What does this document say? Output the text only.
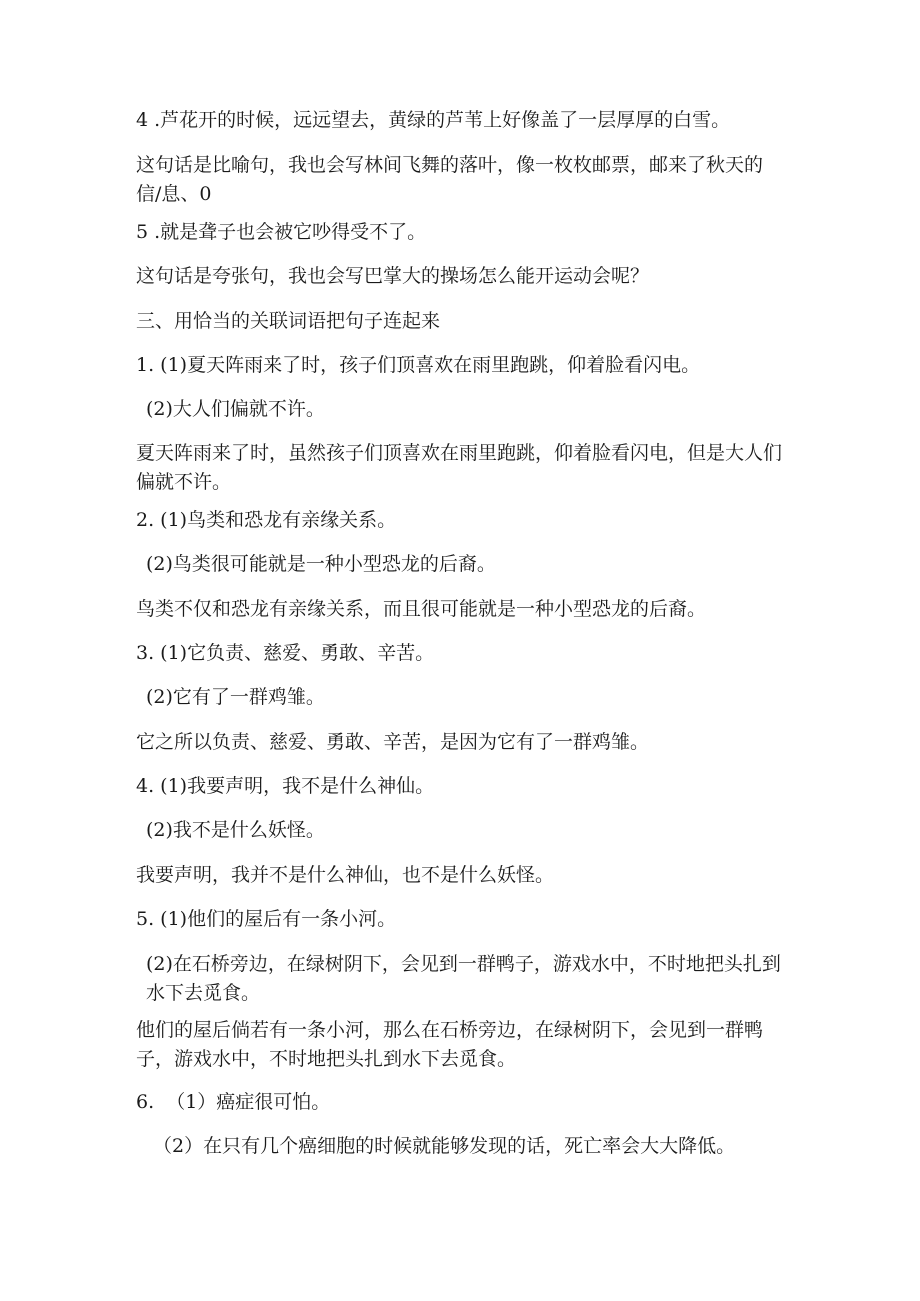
4 .芦花开的时候，远远望去，黄绿的芦苇上好像盖了一层厚厚的白雪。

这句话是比喻句，我也会写林间飞舞的落叶，像一枚枚邮票，邮来了秋天的信/息、0

5 .就是聋子也会被它吵得受不了。

这句话是夸张句，我也会写巴掌大的操场怎么能开运动会呢？

三、用恰当的关联词语把句子连起来

1. (1)夏天阵雨来了时，孩子们顶喜欢在雨里跑跳，仰着脸看闪电。

(2)大人们偏就不许。

夏天阵雨来了时，虽然孩子们顶喜欢在雨里跑跳，仰着脸看闪电，但是大人们偏就不许。

2. (1)鸟类和恐龙有亲缘关系。

(2)鸟类很可能就是一种小型恐龙的后裔。

鸟类不仅和恐龙有亲缘关系，而且很可能就是一种小型恐龙的后裔。

3. (1)它负责、慈爱、勇敢、辛苦。

(2)它有了一群鸡雏。

它之所以负责、慈爱、勇敢、辛苦，是因为它有了一群鸡雏。

4. (1)我要声明，我不是什么神仙。

(2)我不是什么妖怪。

我要声明，我并不是什么神仙，也不是什么妖怪。

5. (1)他们的屋后有一条小河。

(2)在石桥旁边，在绿树阴下，会见到一群鸭子，游戏水中，不时地把头扎到水下去觅食。

他们的屋后倘若有一条小河，那么在石桥旁边，在绿树阴下，会见到一群鸭子，游戏水中，不时地把头扎到水下去觅食。

6.  （1）癌症很可怕。

（2）在只有几个癌细胞的时候就能够发现的话，死亡率会大大降低。
